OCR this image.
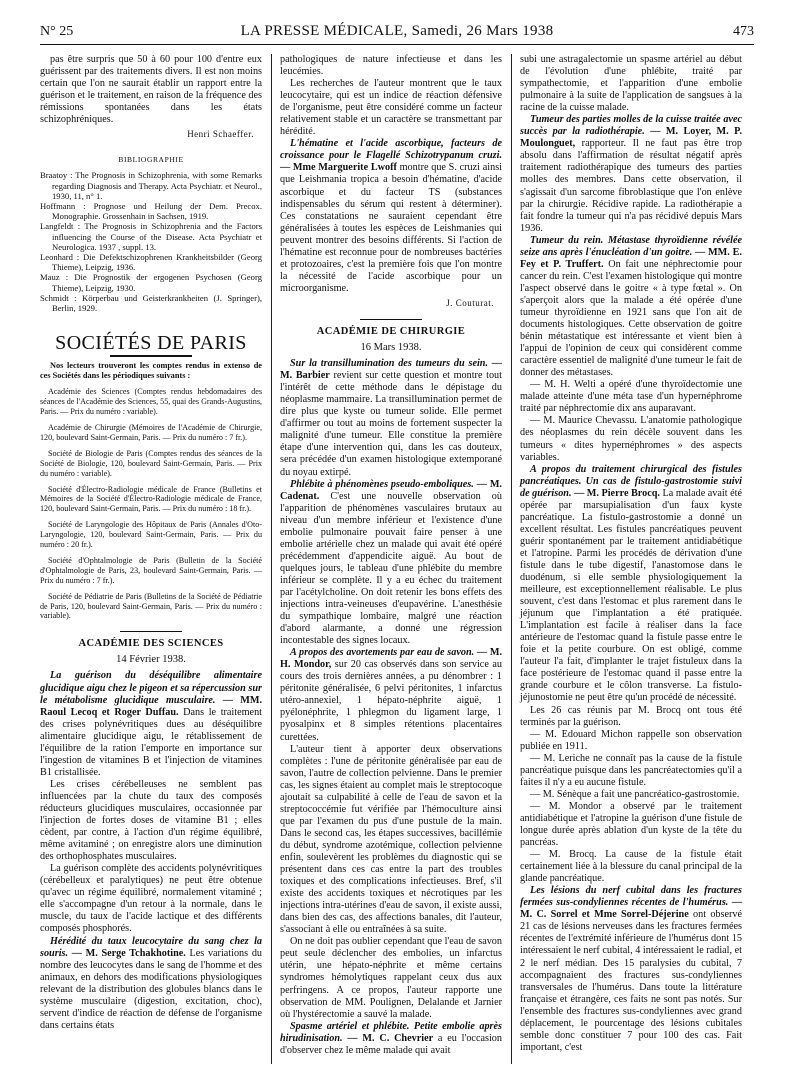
N° 25	LA PRESSE MÉDICALE, Samedi, 26 Mars 1938	473

pas être surpris que 50 à 60 pour 100 d'entre eux guérissent par des traitements divers. Il est non moins certain que l'on ne saurait établir un rapport entre la guérison et le traitement, en raison de la fréquence des rémissions spontanées dans les états schizophréniques.

Henri Schaeffer.
BIBLIOGRAPHIE

Braatoy : The Prognosis in Schizophrenia, with some Remarks regarding Diagnosis and Therapy. Acta Psychiatr. et Neurol., 1930, 11, n° 1.

Hoffmann : Prognose und Heilung der Dem. Precox. Monographie. Grossenhain in Sachsen, 1919.

Langfeldt : The Prognosis in Schizophrenia and the Factors influencing the Course of the Disease. Acta Psychiatr et Neurologica. 1937 , suppl. 13.

Leonhard : Die Defektschizophrenen Krankheitsbilder (Georg Thieme), Leipzig, 1936.

Mauz : Die Prognostik der ergogenen Psychosen (Georg Thieme), Leipzig, 1930.

Schmidt : Körperbau und Geisterkrankheiten (J. Springer), Berlin, 1929.

SOCIÉTÉS DE PARIS

Nos lecteurs trouveront les comptes rendus in extenso de ces Sociétés dans les périodiques suivants :

Académie des Sciences (Comptes rendus hebdomadaires des séances de l'Académie des Sciences, 55, quai des Grands-Augustins, Paris. — Prix du numéro : variable).

Académie de Chirurgie (Mémoires de l'Académie de Chirurgie, 120, boulevard Saint-Germain, Paris. — Prix du numéro : 7 fr.).

Société de Biologie de Paris (Comptes rendus des séances de la Société de Biologie, 120, boulevard Saint-Germain, Paris. — Prix du numéro : variable).

Société d'Électro-Radiologie médicale de France (Bulletins et Mémoires de la Société d'Électro-Radiologie médicale de France, 120, boulevard Saint-Germain, Paris. — Prix du numéro : 18 fr.).

Société de Laryngologie des Hôpitaux de Paris (Annales d'Oto-Laryngologie, 120, boulevard Saint-Germain, Paris. — Prix du numéro : 20 fr.).

Société d'Ophtalmologie de Paris (Bulletin de la Société d'Ophtalmologie de Paris, 23, boulevard Saint-Germain, Paris. — Prix du numéro : 7 fr.).

Société de Pédiatrie de Paris (Bulletins de la Société de Pédiatrie de Paris, 120, boulevard Saint-Germain, Paris. — Prix du numéro : variable).

ACADÉMIE DES SCIENCES
14 Février 1938.

La guérison du déséquilibre alimentaire glucidique aigu chez le pigeon et sa répercussion sur le métabolisme glucidique musculaire. — MM. Raoul Lecoq et Roger Duffau. Dans le traitement des crises polynévritiques dues au déséquilibre alimentaire glucidique aigu, le rétablissement de l'équilibre de la ration l'emporte en importance sur l'ingestion de vitamines B et l'injection de vitamines B1 cristallisée.

Les crises cérébelleuses ne semblent pas influencées par la chute du taux des composés réducteurs glucidiques musculaires, occasionnée par l'injection de fortes doses de vitamine B1 ; elles cèdent, par contre, à l'action d'un régime équilibré, même avitaminé ; on enregistre alors une diminution des orthophosphates musculaires.

La guérison complète des accidents polynévritiques (cérébelleux et paralytiques) ne peut être obtenue qu'avec un régime équilibré, normalement vitaminé ; elle s'accompagne d'un retour à la normale, dans le muscle, du taux de l'acide lactique et des différents composés phosphorés.

Hérédité du taux leucocytaire du sang chez la souris. — M. Serge Tchakhotine. Les variations du nombre des leucocytes dans le sang de l'homme et des animaux, en dehors des modifications physiologiques relevant de la distribution des globules blancs dans le système musculaire (digestion, excitation, choc), servent d'indice de réaction de défense de l'organisme dans certains états

pathologiques de nature infectieuse et dans les leucémies.

Les recherches de l'auteur montrent que le taux leucocytaire, qui est un indice de réaction défensive de l'organisme, peut être considéré comme un facteur relativement stable et un caractère se transmettant par hérédité.

L'hématine et l'acide ascorbique, facteurs de croissance pour le Flagellé Schizotrypanum cruzi. — Mme Marguerite Lwoff montre que S. cruzi ainsi que Leishmania tropica a besoin d'hématine, d'acide ascorbique et du facteur TS (substances indispensables du sérum qui restent à déterminer). Ces constatations ne sauraient cependant être généralisées à toutes les espèces de Leishmanies qui peuvent montrer des besoins différents. Si l'action de l'hématine est reconnue pour de nombreuses bactéries et protozoaires, c'est la première fois que l'on montre la nécessité de l'acide ascorbique pour un microorganisme.

J. Couturat.
ACADÉMIE DE CHIRURGIE
16 Mars 1938.

Sur la transillumination des tumeurs du sein. — M. Barbier revient sur cette question et montre tout l'intérêt de cette méthode dans le dépistage du néoplasme mammaire. La transillumination permet de dire plus que kyste ou tumeur solide. Elle permet d'affirmer ou tout au moins de fortement suspecter la malignité d'une tumeur. Elle constitue la première étape d'une intervention qui, dans les cas douteux, sera précédée d'un examen histologique extemporané du noyau extirpé.

Phlébite à phénomènes pseudo-emboliques. — M. Cadenat. C'est une nouvelle observation où l'apparition de phénomènes vasculaires brutaux au niveau d'un membre inférieur et l'existence d'une embolie pulmonaire pouvait faire penser à une embolie artérielle chez un malade qui avait été opéré précédemment d'appendicite aiguë. Au bout de quelques jours, le tableau d'une phlébite du membre inférieur se complète. Il y a eu échec du traitement par l'acétylcholine. On doit retenir les bons effets des injections intra-veineuses d'eupavérine. L'anesthésie du sympathique lombaire, malgré une réaction d'abord alarmante, a donné une régression incontestable des signes locaux.

A propos des avortements par eau de savon. — M. H. Mondor, sur 20 cas observés dans son service au cours des trois dernières années, a pu dénombrer : 1 péritonite généralisée, 6 pelvi péritonites, 1 infarctus utéro-annexiel, 1 hépato-néphrite aiguë, 1 pyélonéphrite, 1 phlegmon du ligament large, 1 pyosalpinx et 8 simples rétentions placentaires curettées.

L'auteur tient à apporter deux observations complètes : l'une de péritonite généralisée par eau de savon, l'autre de collection pelvienne. Dans le premier cas, les signes étaient au complet mais le streptocoque ajoutait sa culpabilité à celle de l'eau de savon et la streptococcémie fut vérifiée par l'hémoculture ainsi que par l'examen du pus d'une pustule de la main. Dans le second cas, les étapes successives, bacillémie du début, syndrome azotémique, collection pelvienne enfin, soulevèrent les problèmes du diagnostic qui se présentent dans ces cas entre la part des troubles toxiques et des complications infectieuses. Bref, s'il existe des accidents toxiques et nécrotiques par les injections intra-utérines d'eau de savon, il existe aussi, dans bien des cas, des affections banales, dit l'auteur, s'associant à elle ou entraînées à sa suite.

On ne doit pas oublier cependant que l'eau de savon peut seule déclencher des embolies, un infarctus utérin, une hépato-néphrite et même certains syndromes hémolytiques rappelant ceux dus aux perfringens. A ce propos, l'auteur rapporte une observation de MM. Poulignen, Delalande et Jarnier où l'hystérectomie a sauvé la malade.

Spasme artériel et phlébite. Petite embolie après hirudinisation. — M. C. Chevrier a eu l'occasion d'observer chez le même malade qui avait

subi une astragalectomie un spasme artériel au début de l'évolution d'une phlébite, traité par sympathectomie, et l'apparition d'une embolie pulmonaire à la suite de l'application de sangsues à la racine de la cuisse malade.

Tumeur des parties molles de la cuisse traitée avec succès par la radiothérapie. — M. Loyer, M. P. Moulonguet, rapporteur. Il ne faut pas être trop absolu dans l'affirmation de résultat négatif après traitement radiothérapique des tumeurs des parties molles des membres. Dans cette observation, il s'agissait d'un sarcome fibroblastique que l'on enlève par la chirurgie. Récidive rapide. La radiothérapie a fait fondre la tumeur qui n'a pas récidivé depuis Mars 1936.

Tumeur du rein. Métastase thyroïdienne révélée seize ans après l'énucléation d'un goitre. — MM. E. Fey et P. Truffert. On fait une néphrectomie pour cancer du rein. C'est l'examen histologique qui montre l'aspect observé dans le goitre « à type fœtal ». On s'aperçoit alors que la malade a été opérée d'une tumeur thyroïdienne en 1921 sans que l'on ait de documents histologiques. Cette observation de goitre bénin métastatique est intéressante et vient bien à l'appui de l'opinion de ceux qui considèrent comme caractère essentiel de malignité d'une tumeur le fait de donner des métastases.

— M. H. Welti a opéré d'une thyroïdectomie une malade atteinte d'une méta tase d'un hypernéphrome traité par néphrectomie dix ans auparavant.

— M. Maurice Chevassu. L'anatomie pathologique des néoplasmes du rein décèle souvent dans les tumeurs « dites hypernéphromes » des aspects variables.

A propos du traitement chirurgical des fistules pancréatiques. Un cas de fistulo-gastrostomie suivi de guérison. — M. Pierre Brocq. La malade avait été opérée par marsupialisation d'un faux kyste pancréatique. La fistulo-gastrostomie a donné un excellent résultat. Les fistules pancréatiques peuvent guérir spontanément par le traitement antidiabétique et l'atropine. Parmi les procédés de dérivation d'une fistule dans le tube digestif, l'anastomose dans le duodénum, si elle semble physiologiquement la meilleure, est exceptionnellement réalisable. Le plus souvent, c'est dans l'estomac et plus rarement dans le jéjunum que l'implantation a été pratiquée. L'implantation est facile à réaliser dans la face antérieure de l'estomac quand la fistule passe entre le foie et la petite courbure. On est obligé, comme l'auteur l'a fait, d'implanter le trajet fistuleux dans la face postérieure de l'estomac quand il passe entre la grande courbure et le côlon transverse. La fistulo-jéjunostomie ne peut être qu'un procédé de nécessité.

Les 26 cas réunis par M. Brocq ont tous été terminés par la guérison.

— M. Edouard Michon rappelle son observation publiée en 1911.

— M. Leriche ne connaît pas la cause de la fistule pancréatique puisque dans les pancréatectomies qu'il a faites il n'y a eu aucune fistule.

— M. Sénèque a fait une pancréatico-gastrostomie.

— M. Mondor a observé par le traitement antidiabétique et l'atropine la guérison d'une fistule de longue durée après ablation d'un kyste de la tête du pancréas.

— M. Brocq. La cause de la fistule était certainement liée à la blessure du canal principal de la glande pancréatique.

Les lésions du nerf cubital dans les fractures fermées sus-condyliennes récentes de l'humérus. — M. C. Sorrel et Mme Sorrel-Déjerine ont observé 21 cas de lésions nerveuses dans les fractures fermées récentes de l'extrémité inférieure de l'humérus dont 15 intéressaient le nerf cubital, 4 intéressaient le radial, et 2 le nerf médian. Des 15 paralysies du cubital, 7 accompagnaient des fractures sus-condyliennes transversales de l'humérus. Dans toute la littérature française et étrangère, ces faits ne sont pas notés. Sur l'ensemble des fractures sus-condyliennes avec grand déplacement, le pourcentage des lésions cubitales semble donc constituer 7 pour 100 des cas. Fait important, c'est
